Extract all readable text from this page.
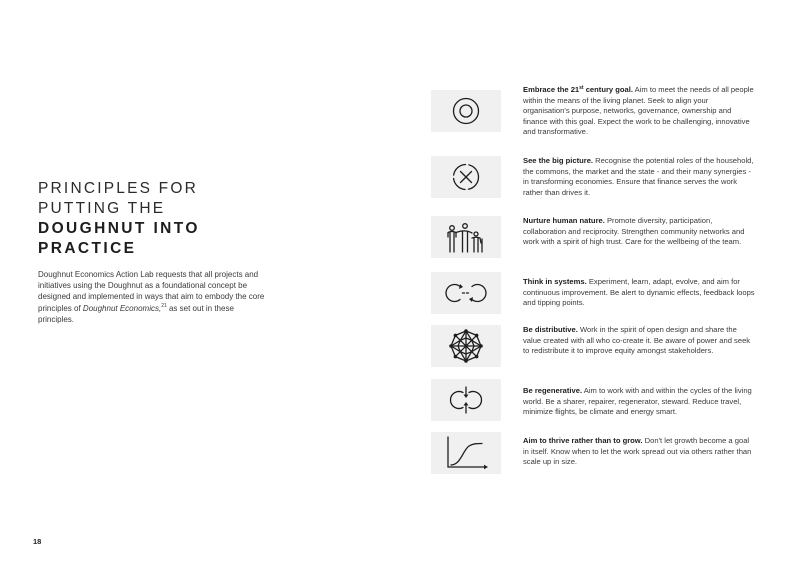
PRINCIPLES FOR
PUTTING THE
DOUGHNUT INTO
PRACTICE

Doughnut Economics Action Lab requests that all projects and initiatives using the Doughnut as a foundational concept be designed and implemented in ways that aim to embody the core principles of Doughnut Economics,$^{21}$ as set out in these principles.

Embrace the 21st century goal. Aim to meet the needs of all people within the means of the living planet. Seek to align your organisation's purpose, networks, governance, ownership and finance with this goal. Expect the work to be challenging, innovative and transformative.
See the big picture. Recognise the potential roles of the household, the commons, the market and the state - and their many synergies - in transforming economies. Ensure that finance serves the work rather than drives it.
Nurture human nature. Promote diversity, participation, collaboration and reciprocity. Strengthen community networks and work with a spirit of high trust. Care for the wellbeing of the team.
Think in systems. Experiment, learn, adapt, evolve, and aim for continuous improvement. Be alert to dynamic effects, feedback loops and tipping points.
Be distributive. Work in the spirit of open design and share the value created with all who co-create it. Be aware of power and seek to redistribute it to improve equity amongst stakeholders.
Be regenerative. Aim to work with and within the cycles of the living world. Be a sharer, repairer, regenerator, steward. Reduce travel, minimize flights, be climate and energy smart.
Aim to thrive rather than to grow. Don't let growth become a goal in itself. Know when to let the work spread out via others rather than scale up in size.
18
